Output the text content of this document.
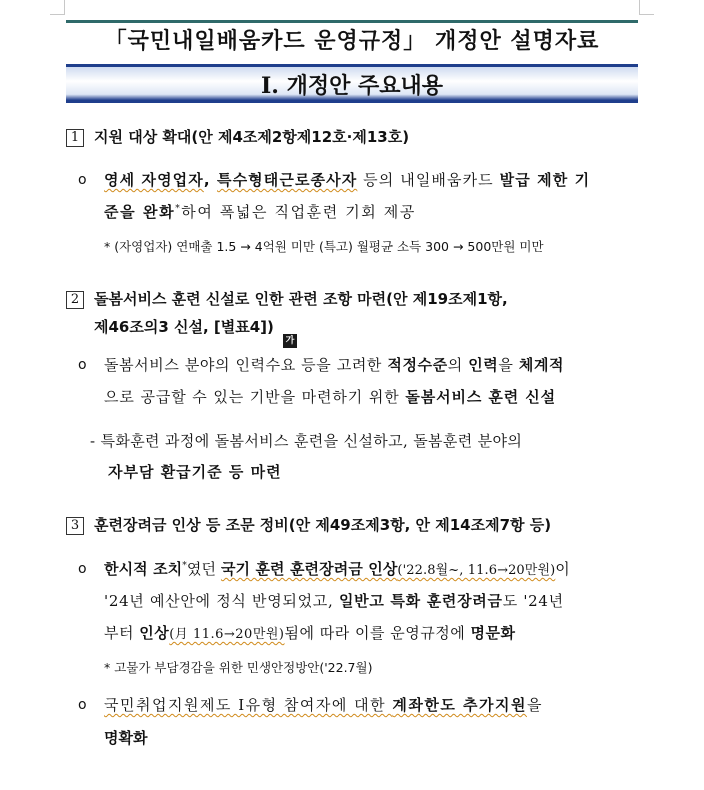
「국민내일배움카드 운영규정」 개정안 설명자료
Ⅰ. 개정안 주요내용
1 지원 대상 확대(안 제4조제2항제12호·제13호)
o 영세 자영업자, 특수형태근로종사자 등의 내일배움카드 발급 제한 기
준을 완화*하여 폭넓은 직업훈련 기회 제공
* (자영업자) 연매출 1.5 → 4억원 미만 (특고) 월평균 소득 300 → 500만원 미만
2 돌봄서비스 훈련 신설로 인한 관련 조항 마련(안 제19조제1항,
제46조의3 신설, [별표4])
가
o 돌봄서비스 분야의 인력수요 등을 고려한 적정수준의 인력을 체계적
으로 공급할 수 있는 기반을 마련하기 위한 돌봄서비스 훈련 신설
- 특화훈련 과정에 돌봄서비스 훈련을 신설하고, 돌봄훈련 분야의
자부담 환급기준 등 마련
3 훈련장려금 인상 등 조문 정비(안 제49조제3항, 안 제14조제7항 등)
o 한시적 조치*였던 국기 훈련 훈련장려금 인상('22.8월~, 11.6→20만원)이
'24년 예산안에 정식 반영되었고, 일반고 특화 훈련장려금도 '24년
부터 인상(月 11.6→20만원)됨에 따라 이를 운영규정에 명문화
* 고물가 부담경감을 위한 민생안정방안('22.7월)
o 국민취업지원제도 Ⅰ유형 참여자에 대한 계좌한도 추가지원을
명확화
